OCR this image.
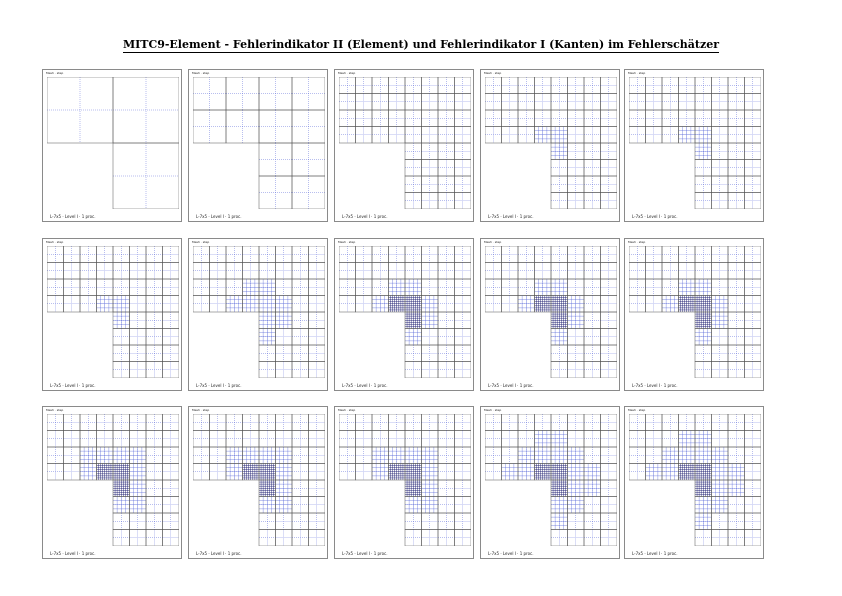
MITC9-Element - Fehlerindikator II (Element) und Fehlerindikator I (Kanten) im Fehlerschätzer
Mesh · step
L-7x5 · Level I · 1 proc.
Mesh · step
L-7x5 · Level I · 1 proc.
Mesh · step
L-7x5 · Level I · 1 proc.
Mesh · step
L-7x5 · Level I · 1 proc.
Mesh · step
L-7x5 · Level I · 1 proc.
Mesh · step
L-7x5 · Level I · 1 proc.
Mesh · step
L-7x5 · Level I · 1 proc.
Mesh · step
L-7x5 · Level I · 1 proc.
Mesh · step
L-7x5 · Level I · 1 proc.
Mesh · step
L-7x5 · Level I · 1 proc.
Mesh · step
L-7x5 · Level I · 1 proc.
Mesh · step
L-7x5 · Level I · 1 proc.
Mesh · step
L-7x5 · Level I · 1 proc.
Mesh · step
L-7x5 · Level I · 1 proc.
Mesh · step
L-7x5 · Level I · 1 proc.
